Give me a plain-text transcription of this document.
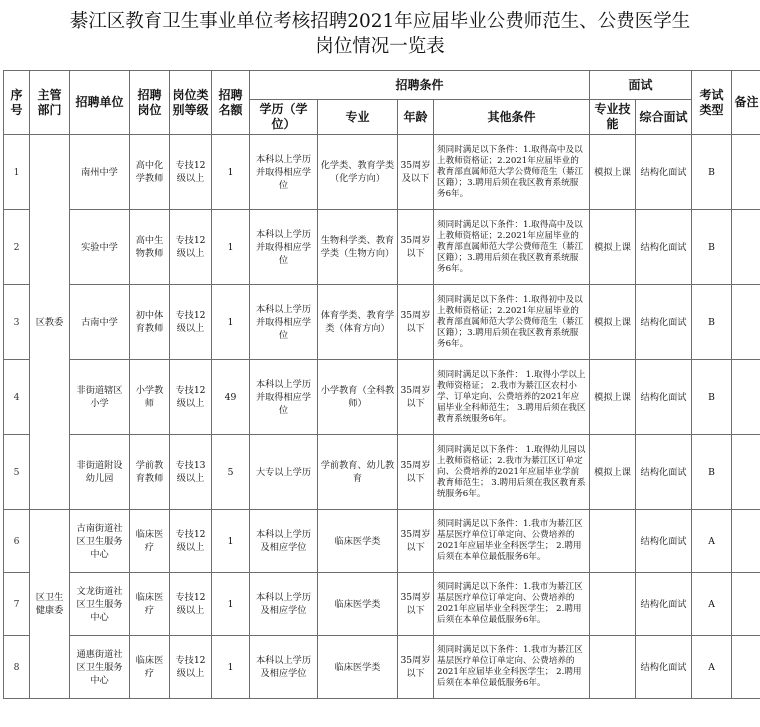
綦江区教育卫生事业单位考核招聘2021年应届毕业公费师范生、公费医学生
岗位情况一览表
序号	主管部门	招聘单位	招聘岗位	岗位类别等级	招聘名额	招聘条件				面试		考试类型	备注
						学历（学位）	专业	年龄	其他条件	专业技能	综合面试		
1	区教委	南州中学	高中化学教师	专技12级以上	1	本科以上学历并取得相应学位	化学类、教育学类（化学方向）	35周岁及以下	须同时满足以下条件：1.取得高中及以上教师资格证；2.2021年应届毕业的教育部直属师范大学公费师范生（綦江区籍）；3.聘用后须在我区教育系统服务6年。	模拟上课	结构化面试	B	
2		实验中学	高中生物教师	专技12级以上	1	本科以上学历并取得相应学位	生物科学类、教育学类（生物方向）	35周岁以下	须同时满足以下条件：1.取得高中及以上教师资格证；2.2021年应届毕业的教育部直属师范大学公费师范生（綦江区籍）；3.聘用后须在我区教育系统服务6年。	模拟上课	结构化面试	B	
3		古南中学	初中体育教师	专技12级以上	1	本科以上学历并取得相应学位	体育学类、教育学类（体育方向）	35周岁以下	须同时满足以下条件：1.取得初中及以上教师资格证；2.2021年应届毕业的教育部直属师范大学公费师范生（綦江区籍）；3.聘用后须在我区教育系统服务6年。	模拟上课	结构化面试	B	
4		非街道辖区小学	小学教师	专技12级以上	49	本科以上学历并取得相应学位	小学教育（全科教师）	35周岁以下	须同时满足以下条件： 1.取得小学以上教师资格证； 2.我市为綦江区农村小学、订单定向、公费培养的2021年应届毕业全科师范生； 3.聘用后须在我区教育系统服务6年。	模拟上课	结构化面试	B	
5		非街道附设幼儿园	学前教育教师	专技13级以上	5	大专以上学历	学前教育、幼儿教育	35周岁以下	须同时满足以下条件： 1.取得幼儿园以上教师资格证；2.我市为綦江区订单定向、公费培养的2021年应届毕业学前教育师范生； 3.聘用后须在我区教育系统服务6年。	模拟上课	结构化面试	B	
6	区卫生健康委	古南街道社区卫生服务中心	临床医疗	专技12级以上	1	本科以上学历及相应学位	临床医学类	35周岁以下	须同时满足以下条件：1.我市为綦江区基层医疗单位订单定向、公费培养的2021年应届毕业全科医学生； 2.聘用后须在本单位最低服务6年。		结构化面试	A	
7		文龙街道社区卫生服务中心	临床医疗	专技12级以上	1	本科以上学历及相应学位	临床医学类	35周岁以下	须同时满足以下条件：1.我市为綦江区基层医疗单位订单定向、公费培养的2021年应届毕业全科医学生； 2.聘用后须在本单位最低服务6年。		结构化面试	A	
8		通惠街道社区卫生服务中心	临床医疗	专技12级以上	1	本科以上学历及相应学位	临床医学类	35周岁以下	须同时满足以下条件：1.我市为綦江区基层医疗单位订单定向、公费培养的2021年应届毕业全科医学生； 2.聘用后须在本单位最低服务6年。		结构化面试	A	
